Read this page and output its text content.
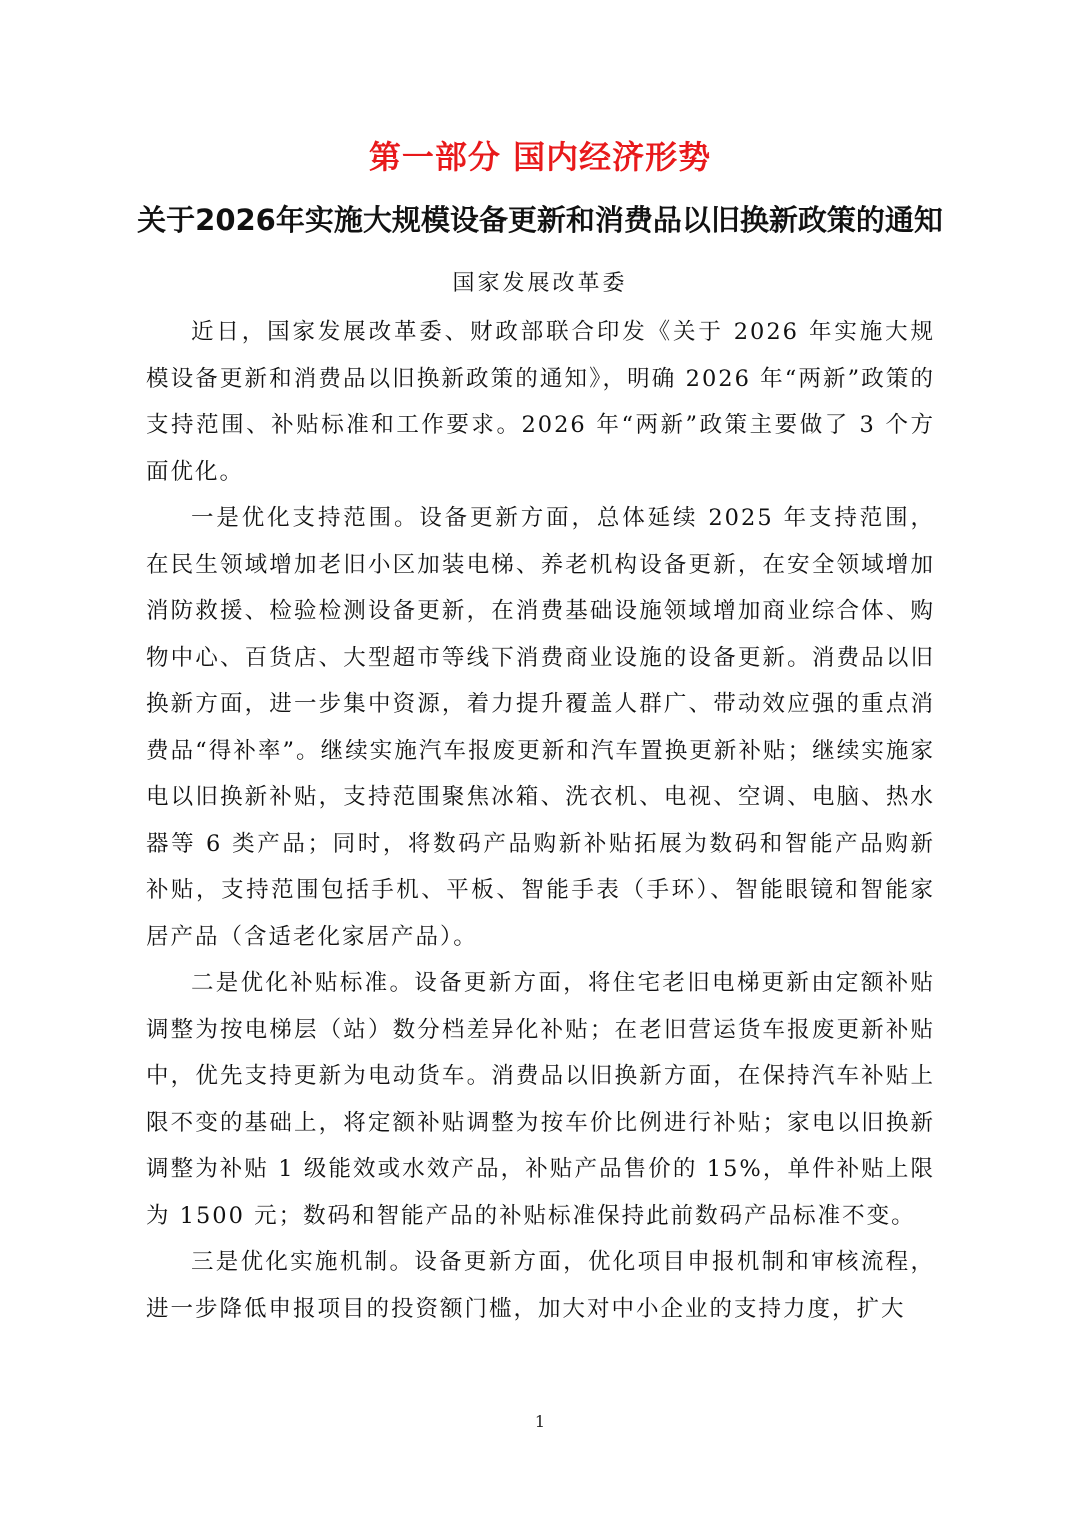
第一部分 国内经济形势
关于2026年实施大规模设备更新和消费品以旧换新政策的通知
国家发展改革委

近日，国家发展改革委、财政部联合印发《关于 2026 年实施大规模设备更新和消费品以旧换新政策的通知》，明确 2026 年“两新”政策的支持范围、补贴标准和工作要求。2026 年“两新”政策主要做了 3 个方面优化。

一是优化支持范围。设备更新方面，总体延续 2025 年支持范围，在民生领域增加老旧小区加装电梯、养老机构设备更新，在安全领域增加消防救援、检验检测设备更新，在消费基础设施领域增加商业综合体、购物中心、百货店、大型超市等线下消费商业设施的设备更新。消费品以旧换新方面，进一步集中资源，着力提升覆盖人群广、带动效应强的重点消费品“得补率”。继续实施汽车报废更新和汽车置换更新补贴；继续实施家电以旧换新补贴，支持范围聚焦冰箱、洗衣机、电视、空调、电脑、热水器等 6 类产品；同时，将数码产品购新补贴拓展为数码和智能产品购新补贴，支持范围包括手机、平板、智能手表（手环）、智能眼镜和智能家居产品（含适老化家居产品）。

二是优化补贴标准。设备更新方面，将住宅老旧电梯更新由定额补贴调整为按电梯层（站）数分档差异化补贴；在老旧营运货车报废更新补贴中，优先支持更新为电动货车。消费品以旧换新方面，在保持汽车补贴上限不变的基础上，将定额补贴调整为按车价比例进行补贴；家电以旧换新调整为补贴 1 级能效或水效产品，补贴产品售价的 15%，单件补贴上限为 1500 元；数码和智能产品的补贴标准保持此前数码产品标准不变。

三是优化实施机制。设备更新方面，优化项目申报机制和审核流程，进一步降低申报项目的投资额门槛，加大对中小企业的支持力度，扩大

1
